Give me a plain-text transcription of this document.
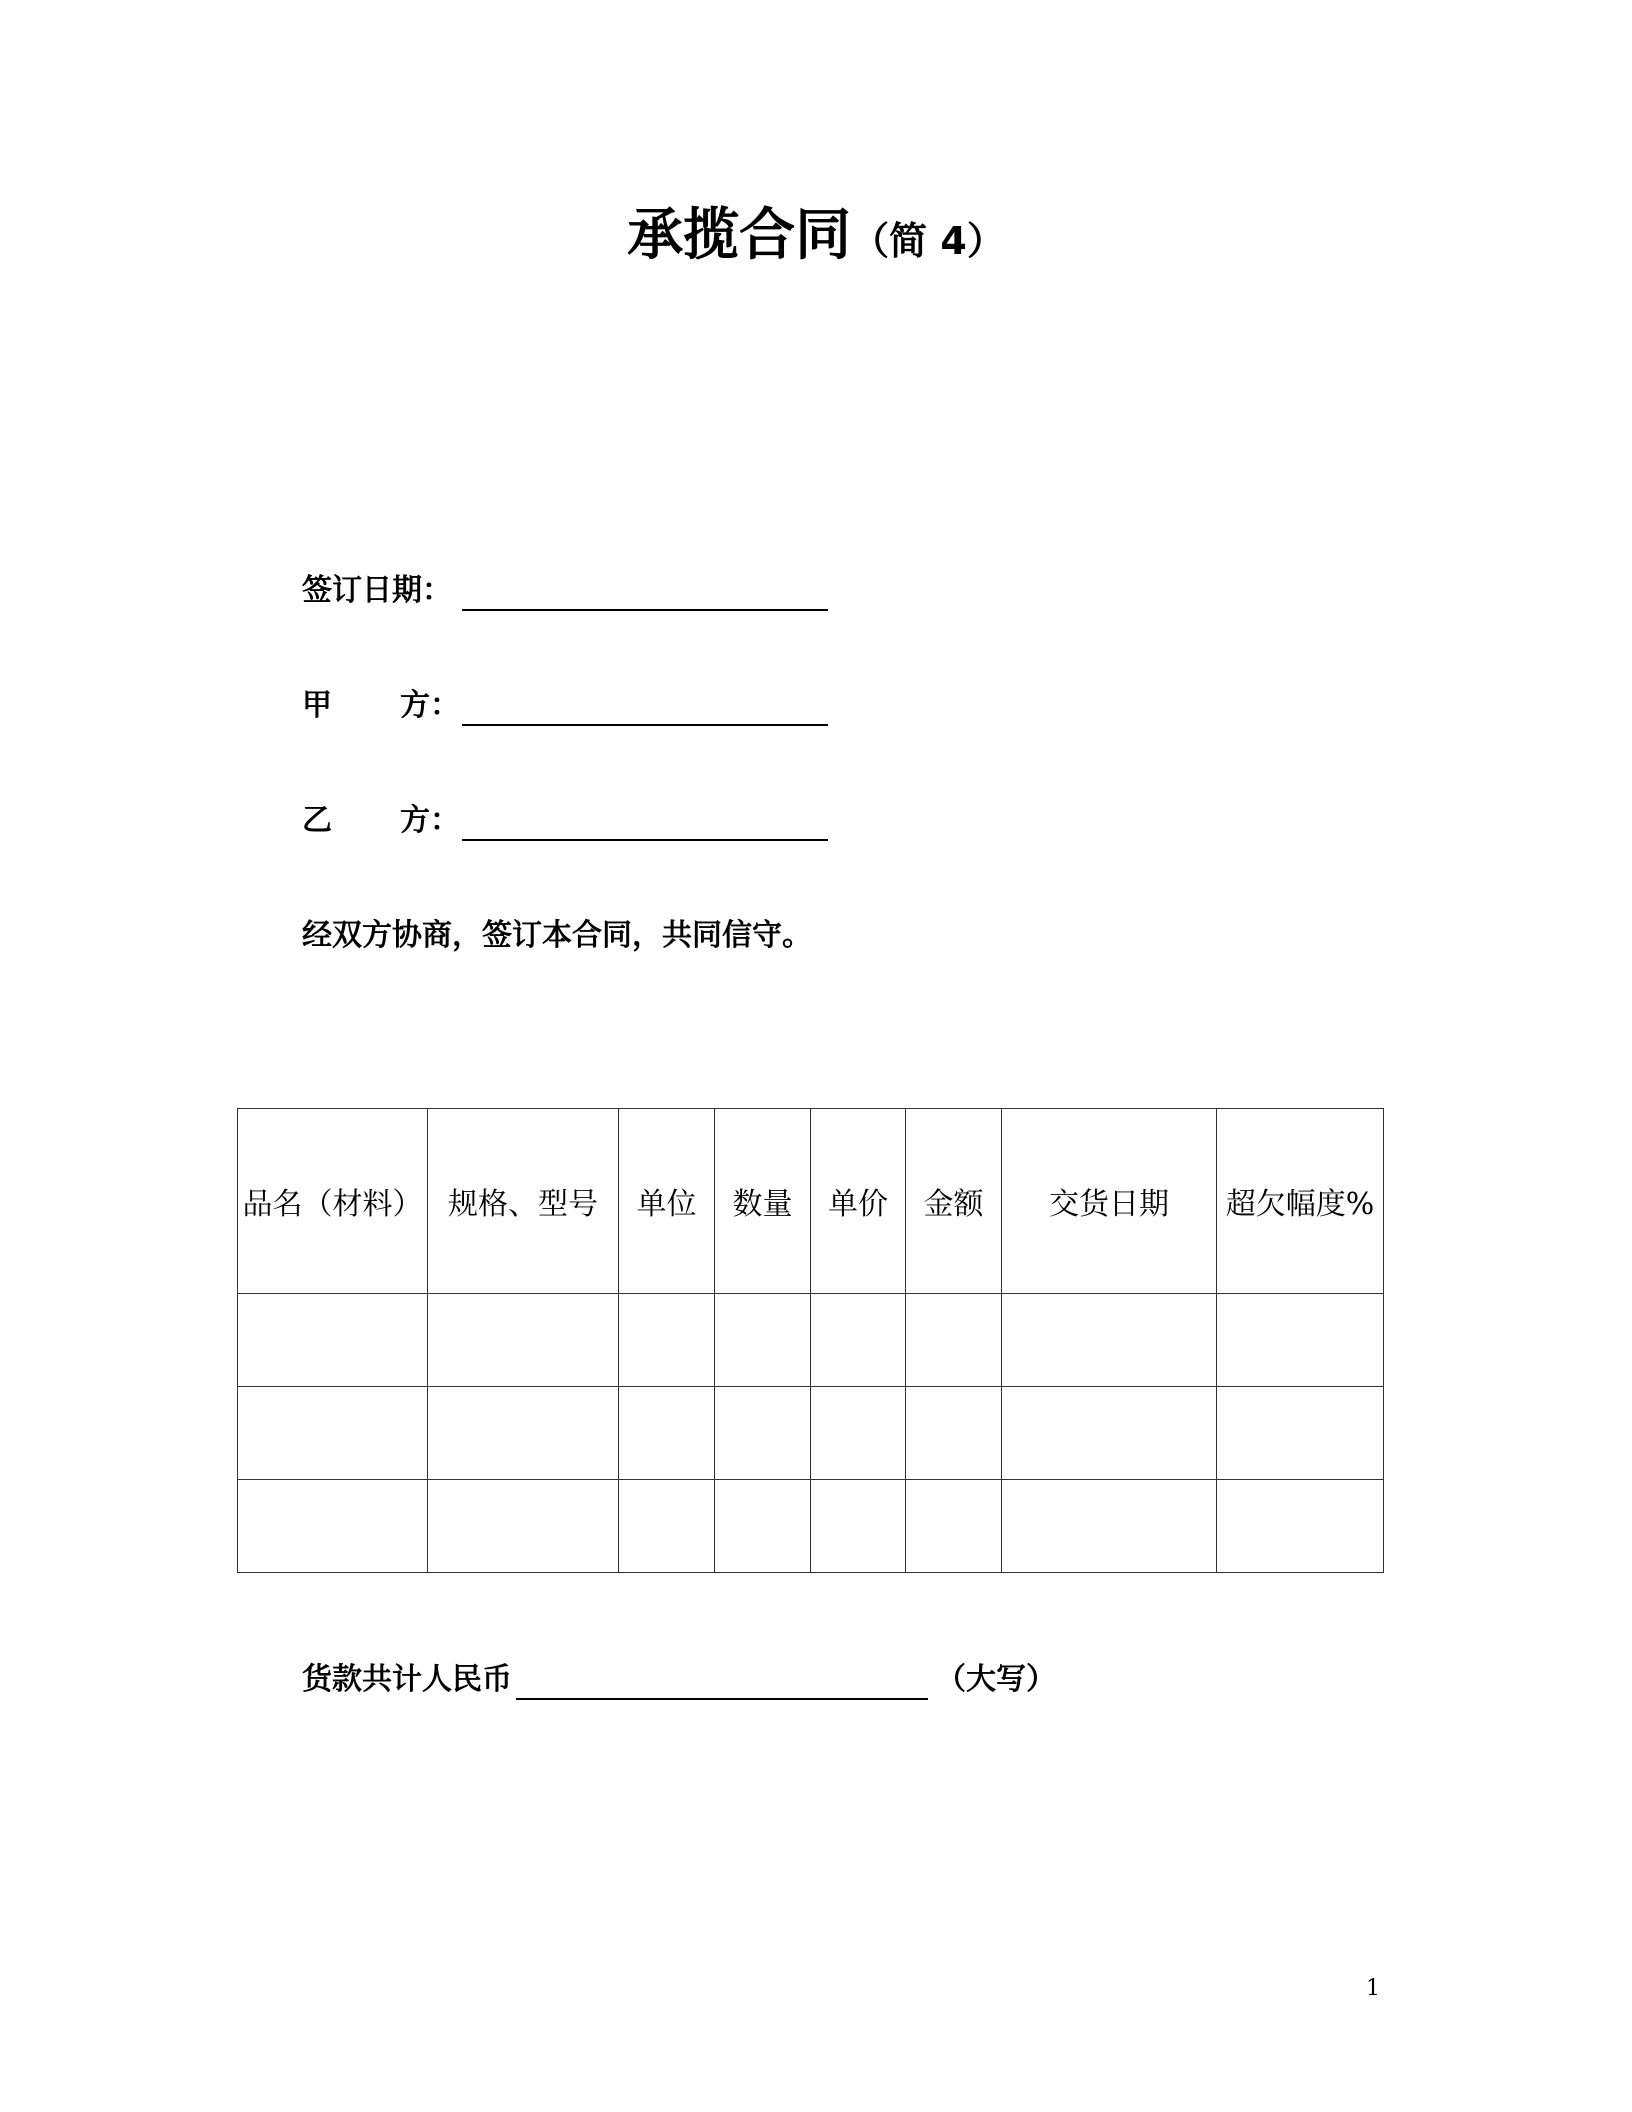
承揽合同（简 4）
签订日期：
甲 方：
乙 方：
经双方协商，签订本合同，共同信守。
品名（材料）	规格、型号	单位	数量	单价	金额	交货日期	超欠幅度%

货款共计人民币	（大写）
1
